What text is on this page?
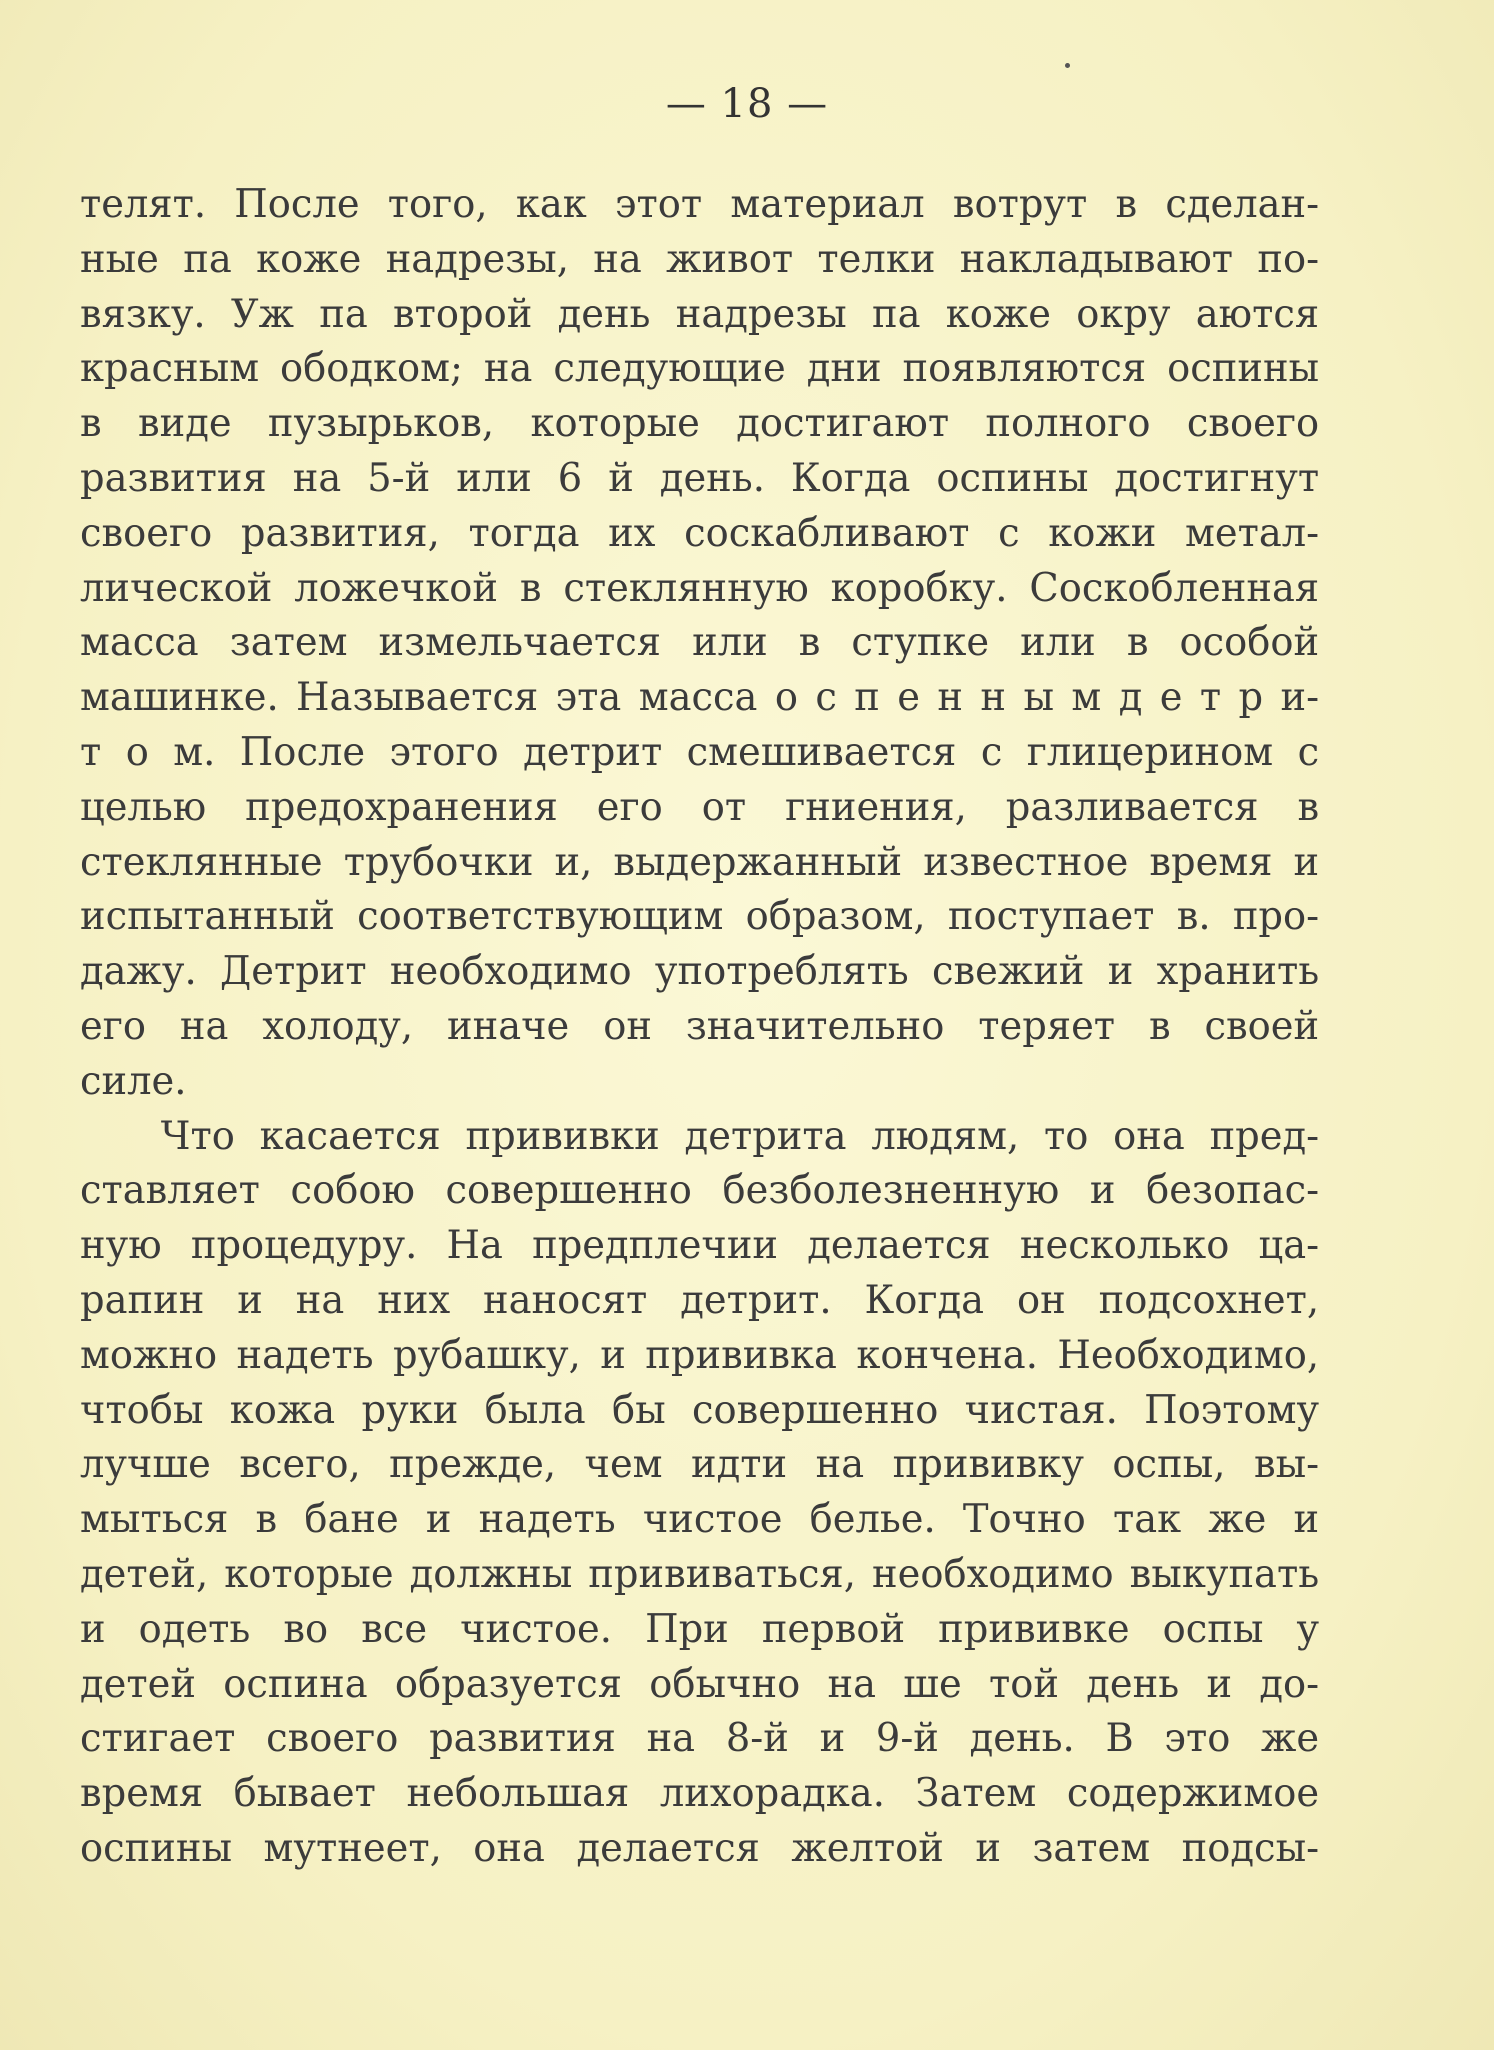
— 18 —
телят. После того, как этот материал вотрут в сделан-
ные па коже надрезы, на живот телки накладывают по-
вязку. Уж па второй день надрезы па коже окру аются
красным ободком; на следующие дни появляются оспины
в виде пузырьков, которые достигают полного своего
развития на 5-й или 6 й день. Когда оспины достигнут
своего развития, тогда их соскабливают с кожи метал-
лической ложечкой в стеклянную коробку. Соскобленная
масса затем измельчается или в ступке или в особой
машинке. Называется эта масса о с п е н н ы м д е т р и-
т о м. После этого детрит смешивается с глицерином с
целью предохранения его от гниения, разливается в
стеклянные трубочки и, выдержанный известное время и
испытанный соответствующим образом, поступает в. про-
дажу. Детрит необходимо употреблять свежий и хранить
его на холоду, иначе он значительно теряет в своей
силе.
Что касается прививки детрита людям, то она пред-
ставляет собою совершенно безболезненную и безопас-
ную процедуру. На предплечии делается несколько ца-
рапин и на них наносят детрит. Когда он подсохнет,
можно надеть рубашку, и прививка кончена. Необходимо,
чтобы кожа руки была бы совершенно чистая. Поэтому
лучше всего, прежде, чем идти на прививку оспы, вы-
мыться в бане и надеть чистое белье. Точно так же и
детей, которые должны прививаться, необходимо выкупать
и одеть во все чистое. При первой прививке оспы у
детей оспина образуется обычно на ше той день и до-
стигает своего развития на 8-й и 9-й день. В это же
время бывает небольшая лихорадка. Затем содержимое
оспины мутнеет, она делается желтой и затем подсы-
